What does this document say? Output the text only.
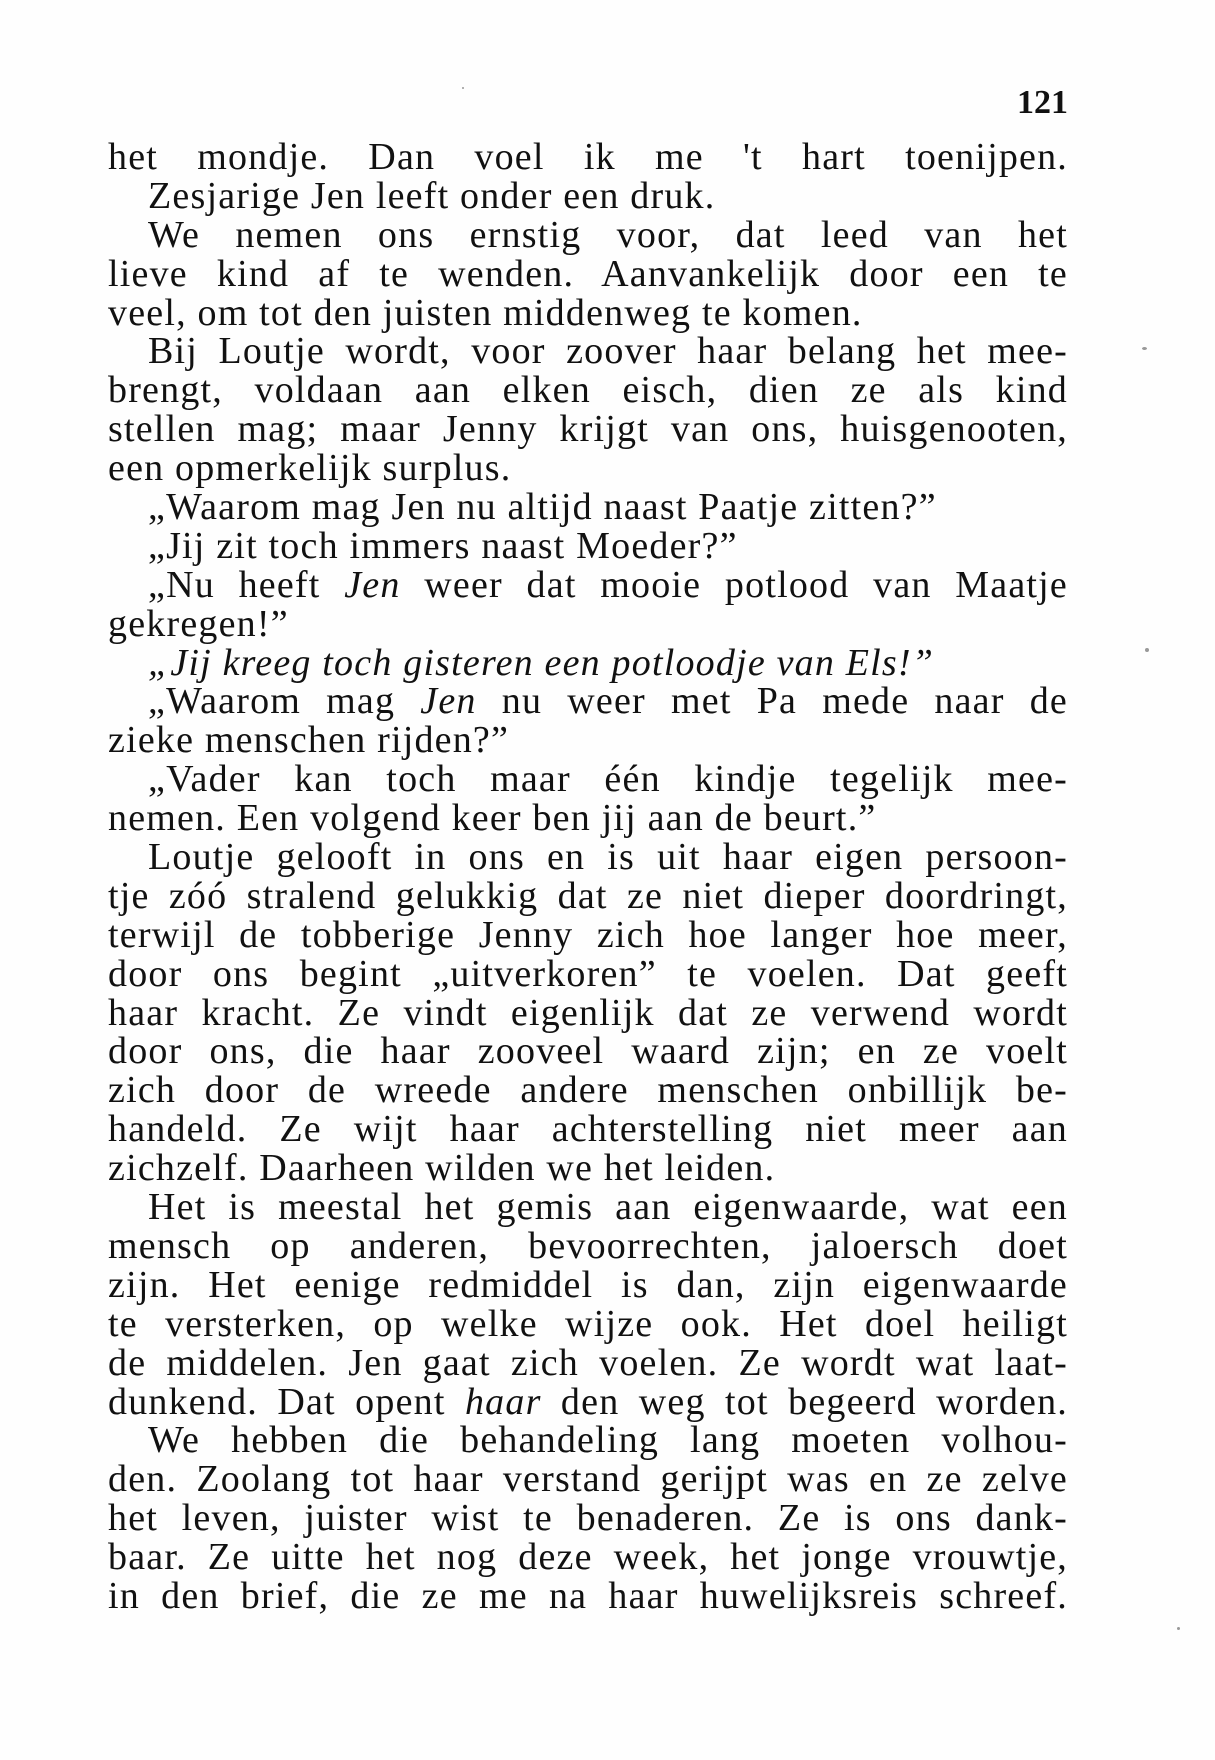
121
het mondje. Dan voel ik me 't hart toenijpen.
Zesjarige Jen leeft onder een druk.
We nemen ons ernstig voor, dat leed van het
lieve kind af te wenden. Aanvankelijk door een te
veel, om tot den juisten middenweg te komen.
Bij Loutje wordt, voor zoover haar belang het mee-
brengt, voldaan aan elken eisch, dien ze als kind
stellen mag; maar Jenny krijgt van ons, huisgenooten,
een opmerkelijk surplus.
„Waarom mag Jen nu altijd naast Paatje zitten?”
„Jij zit toch immers naast Moeder?”
„Nu heeft Jen weer dat mooie potlood van Maatje
gekregen!”
„Jij kreeg toch gisteren een potloodje van Els!”
„Waarom mag Jen nu weer met Pa mede naar de
zieke menschen rijden?”
„Vader kan toch maar één kindje tegelijk mee-
nemen. Een volgend keer ben jij aan de beurt.”
Loutje gelooft in ons en is uit haar eigen persoon-
tje zóó stralend gelukkig dat ze niet dieper doordringt,
terwijl de tobberige Jenny zich hoe langer hoe meer,
door ons begint „uitverkoren” te voelen. Dat geeft
haar kracht. Ze vindt eigenlijk dat ze verwend wordt
door ons, die haar zooveel waard zijn; en ze voelt
zich door de wreede andere menschen onbillijk be-
handeld. Ze wijt haar achterstelling niet meer aan
zichzelf. Daarheen wilden we het leiden.
Het is meestal het gemis aan eigenwaarde, wat een
mensch op anderen, bevoorrechten, jaloersch doet
zijn. Het eenige redmiddel is dan, zijn eigenwaarde
te versterken, op welke wijze ook. Het doel heiligt
de middelen. Jen gaat zich voelen. Ze wordt wat laat-
dunkend. Dat opent haar den weg tot begeerd worden.
We hebben die behandeling lang moeten volhou-
den. Zoolang tot haar verstand gerijpt was en ze zelve
het leven, juister wist te benaderen. Ze is ons dank-
baar. Ze uitte het nog deze week, het jonge vrouwtje,
in den brief, die ze me na haar huwelijksreis schreef.
